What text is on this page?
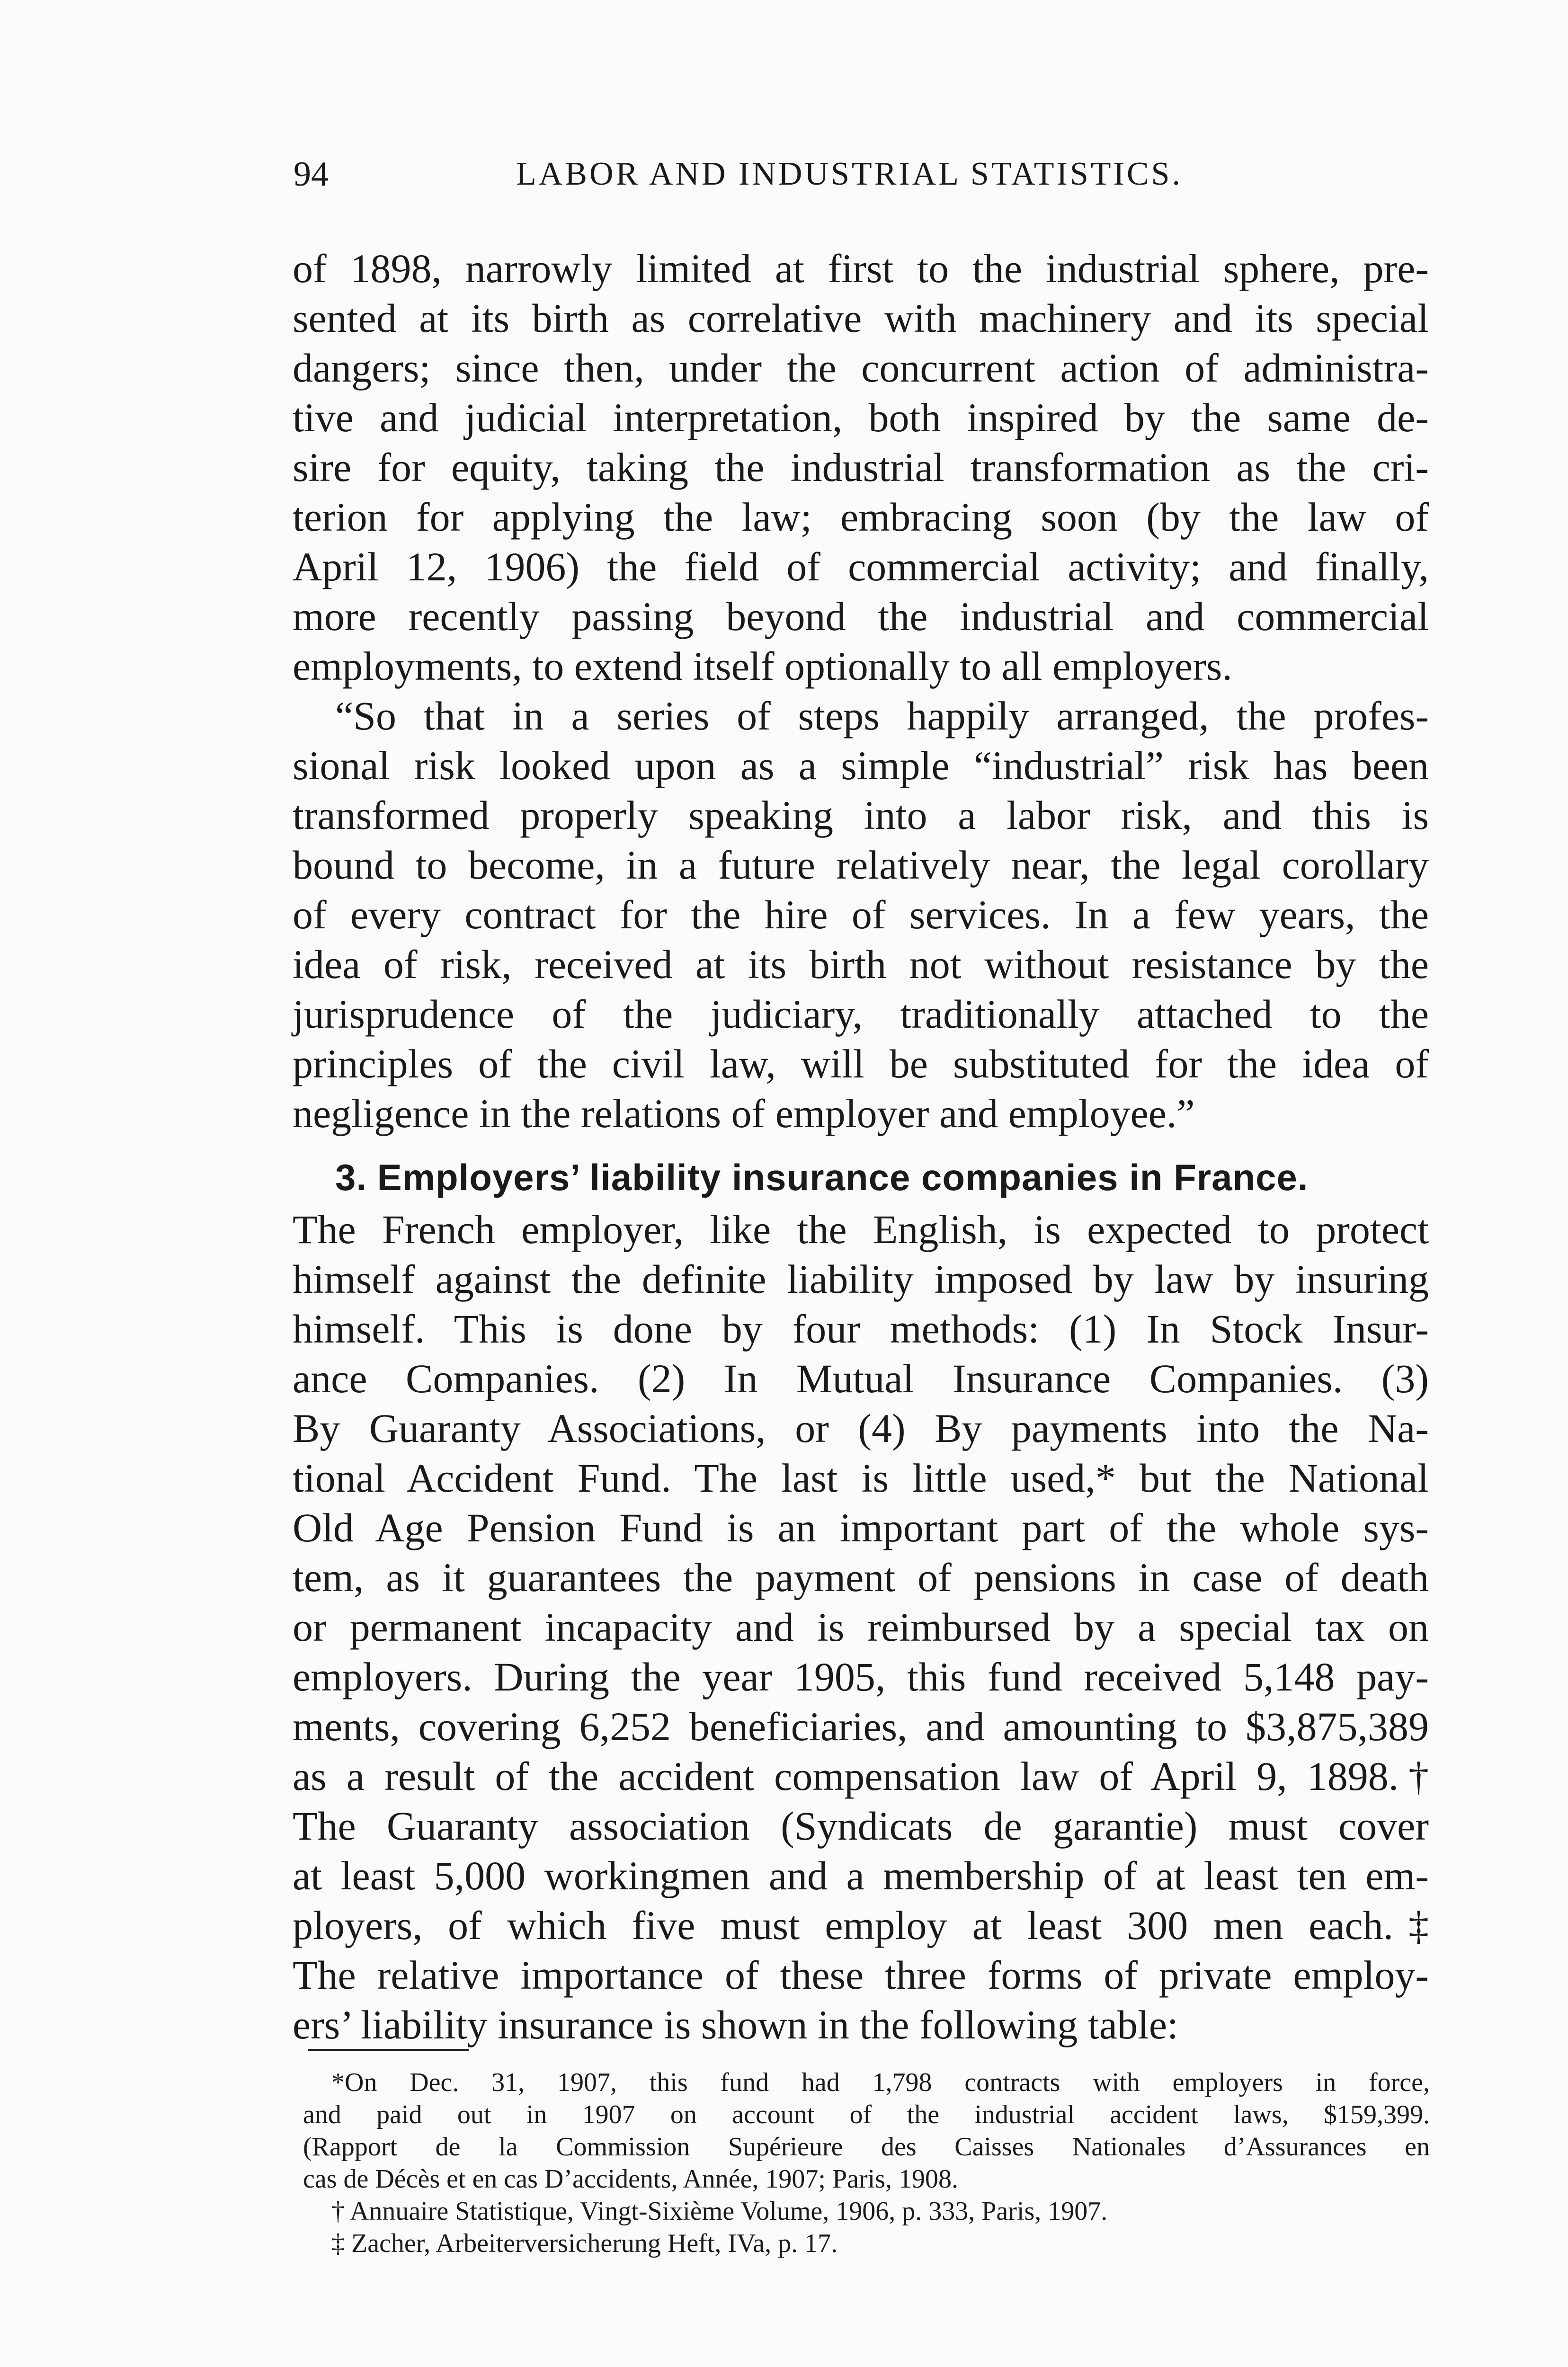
94	LABOR AND INDUSTRIAL STATISTICS.
of 1898, narrowly limited at first to the industrial sphere, pre-
sented at its birth as correlative with machinery and its special
dangers; since then, under the concurrent action of administra-
tive and judicial interpretation, both inspired by the same de-
sire for equity, taking the industrial transformation as the cri-
terion for applying the law; embracing soon (by the law of
April 12, 1906) the field of commercial activity; and finally,
more recently passing beyond the industrial and commercial
employments, to extend itself optionally to all employers.
“So that in a series of steps happily arranged, the profes-
sional risk looked upon as a simple “industrial” risk has been
transformed properly speaking into a labor risk, and this is
bound to become, in a future relatively near, the legal corollary
of every contract for the hire of services. In a few years, the
idea of risk, received at its birth not without resistance by the
jurisprudence of the judiciary, traditionally attached to the
principles of the civil law, will be substituted for the idea of
negligence in the relations of employer and employee.”
3. Employers’ liability insurance companies in France.
The French employer, like the English, is expected to protect
himself against the definite liability imposed by law by insuring
himself. This is done by four methods: (1) In Stock Insur-
ance Companies. (2) In Mutual Insurance Companies. (3)
By Guaranty Associations, or (4) By payments into the Na-
tional Accident Fund. The last is little used,* but the National
Old Age Pension Fund is an important part of the whole sys-
tem, as it guarantees the payment of pensions in case of death
or permanent incapacity and is reimbursed by a special tax on
employers. During the year 1905, this fund received 5,148 pay-
ments, covering 6,252 beneficiaries, and amounting to $3,875,389
as a result of the accident compensation law of April 9, 1898.†
The Guaranty association (Syndicats de garantie) must cover
at least 5,000 workingmen and a membership of at least ten em-
ployers, of which five must employ at least 300 men each.‡
The relative importance of these three forms of private employ-
ers’ liability insurance is shown in the following table:
*On Dec. 31, 1907, this fund had 1,798 contracts with employers in force,
and paid out in 1907 on account of the industrial accident laws, $159,399.
(Rapport de la Commission Supérieure des Caisses Nationales d’Assurances en
cas de Décès et en cas D’accidents, Année, 1907; Paris, 1908.
† Annuaire Statistique, Vingt-Sixième Volume, 1906, p. 333, Paris, 1907.
‡ Zacher, Arbeiterversicherung Heft, IVa, p. 17.
